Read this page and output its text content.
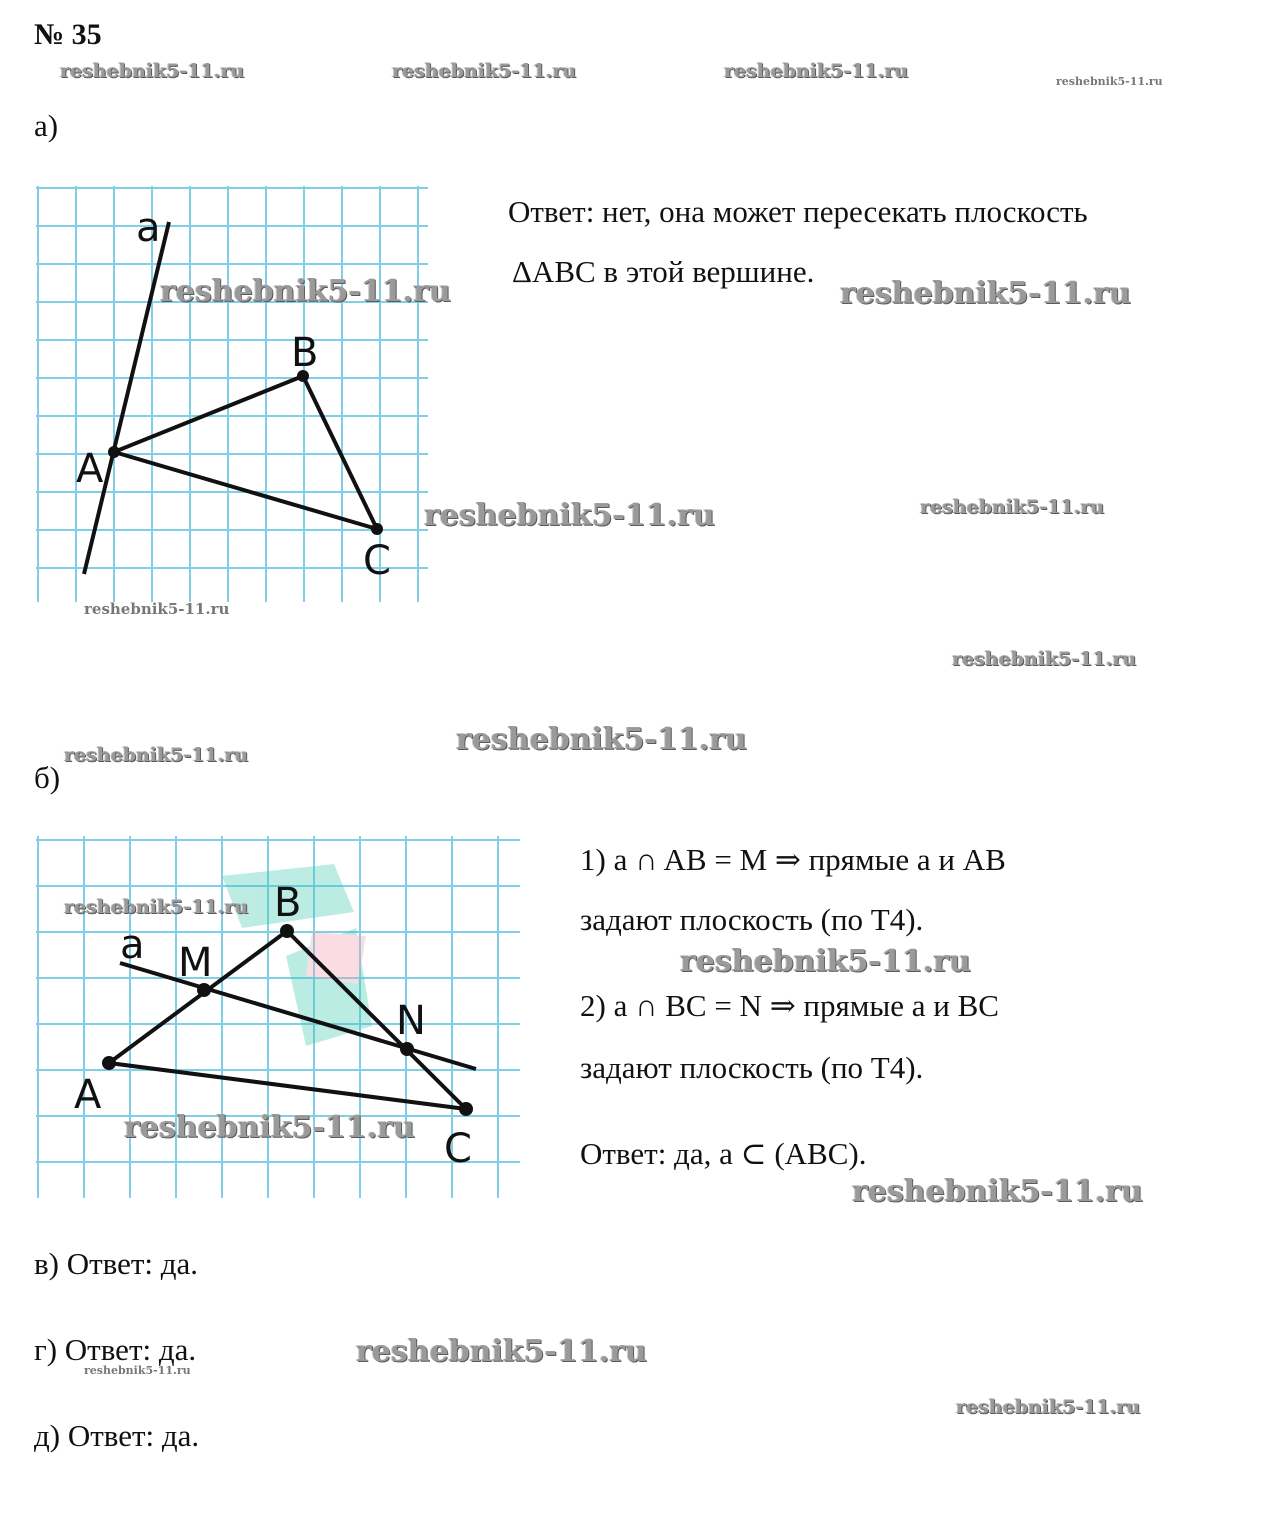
№ 35
reshebnik5-11.ru	reshebnik5-11.ru	reshebnik5-11.ru	reshebnik5-11.ru
а)
a
A
B
C
Ответ: нет, она может пересекать плоскость
ΔABC в этой вершине.
reshebnik5-11.ru	reshebnik5-11.ru
reshebnik5-11.ru	reshebnik5-11.ru
reshebnik5-11.ru
reshebnik5-11.ru
reshebnik5-11.ru
reshebnik5-11.ru
б)
a
A
B
C
M
N
1) a ∩ AB = M ⇒ прямые a и AB
задают плоскость (по Т4).
2) a ∩ BC = N ⇒ прямые a и BC
задают плоскость (по Т4).
Ответ: да, a ⊂ (ABC).
reshebnik5-11.ru
reshebnik5-11.ru
reshebnik5-11.ru
reshebnik5-11.ru
в) Ответ: да.
г) Ответ: да.
reshebnik5-11.ru
reshebnik5-11.ru
reshebnik5-11.ru
д) Ответ: да.
